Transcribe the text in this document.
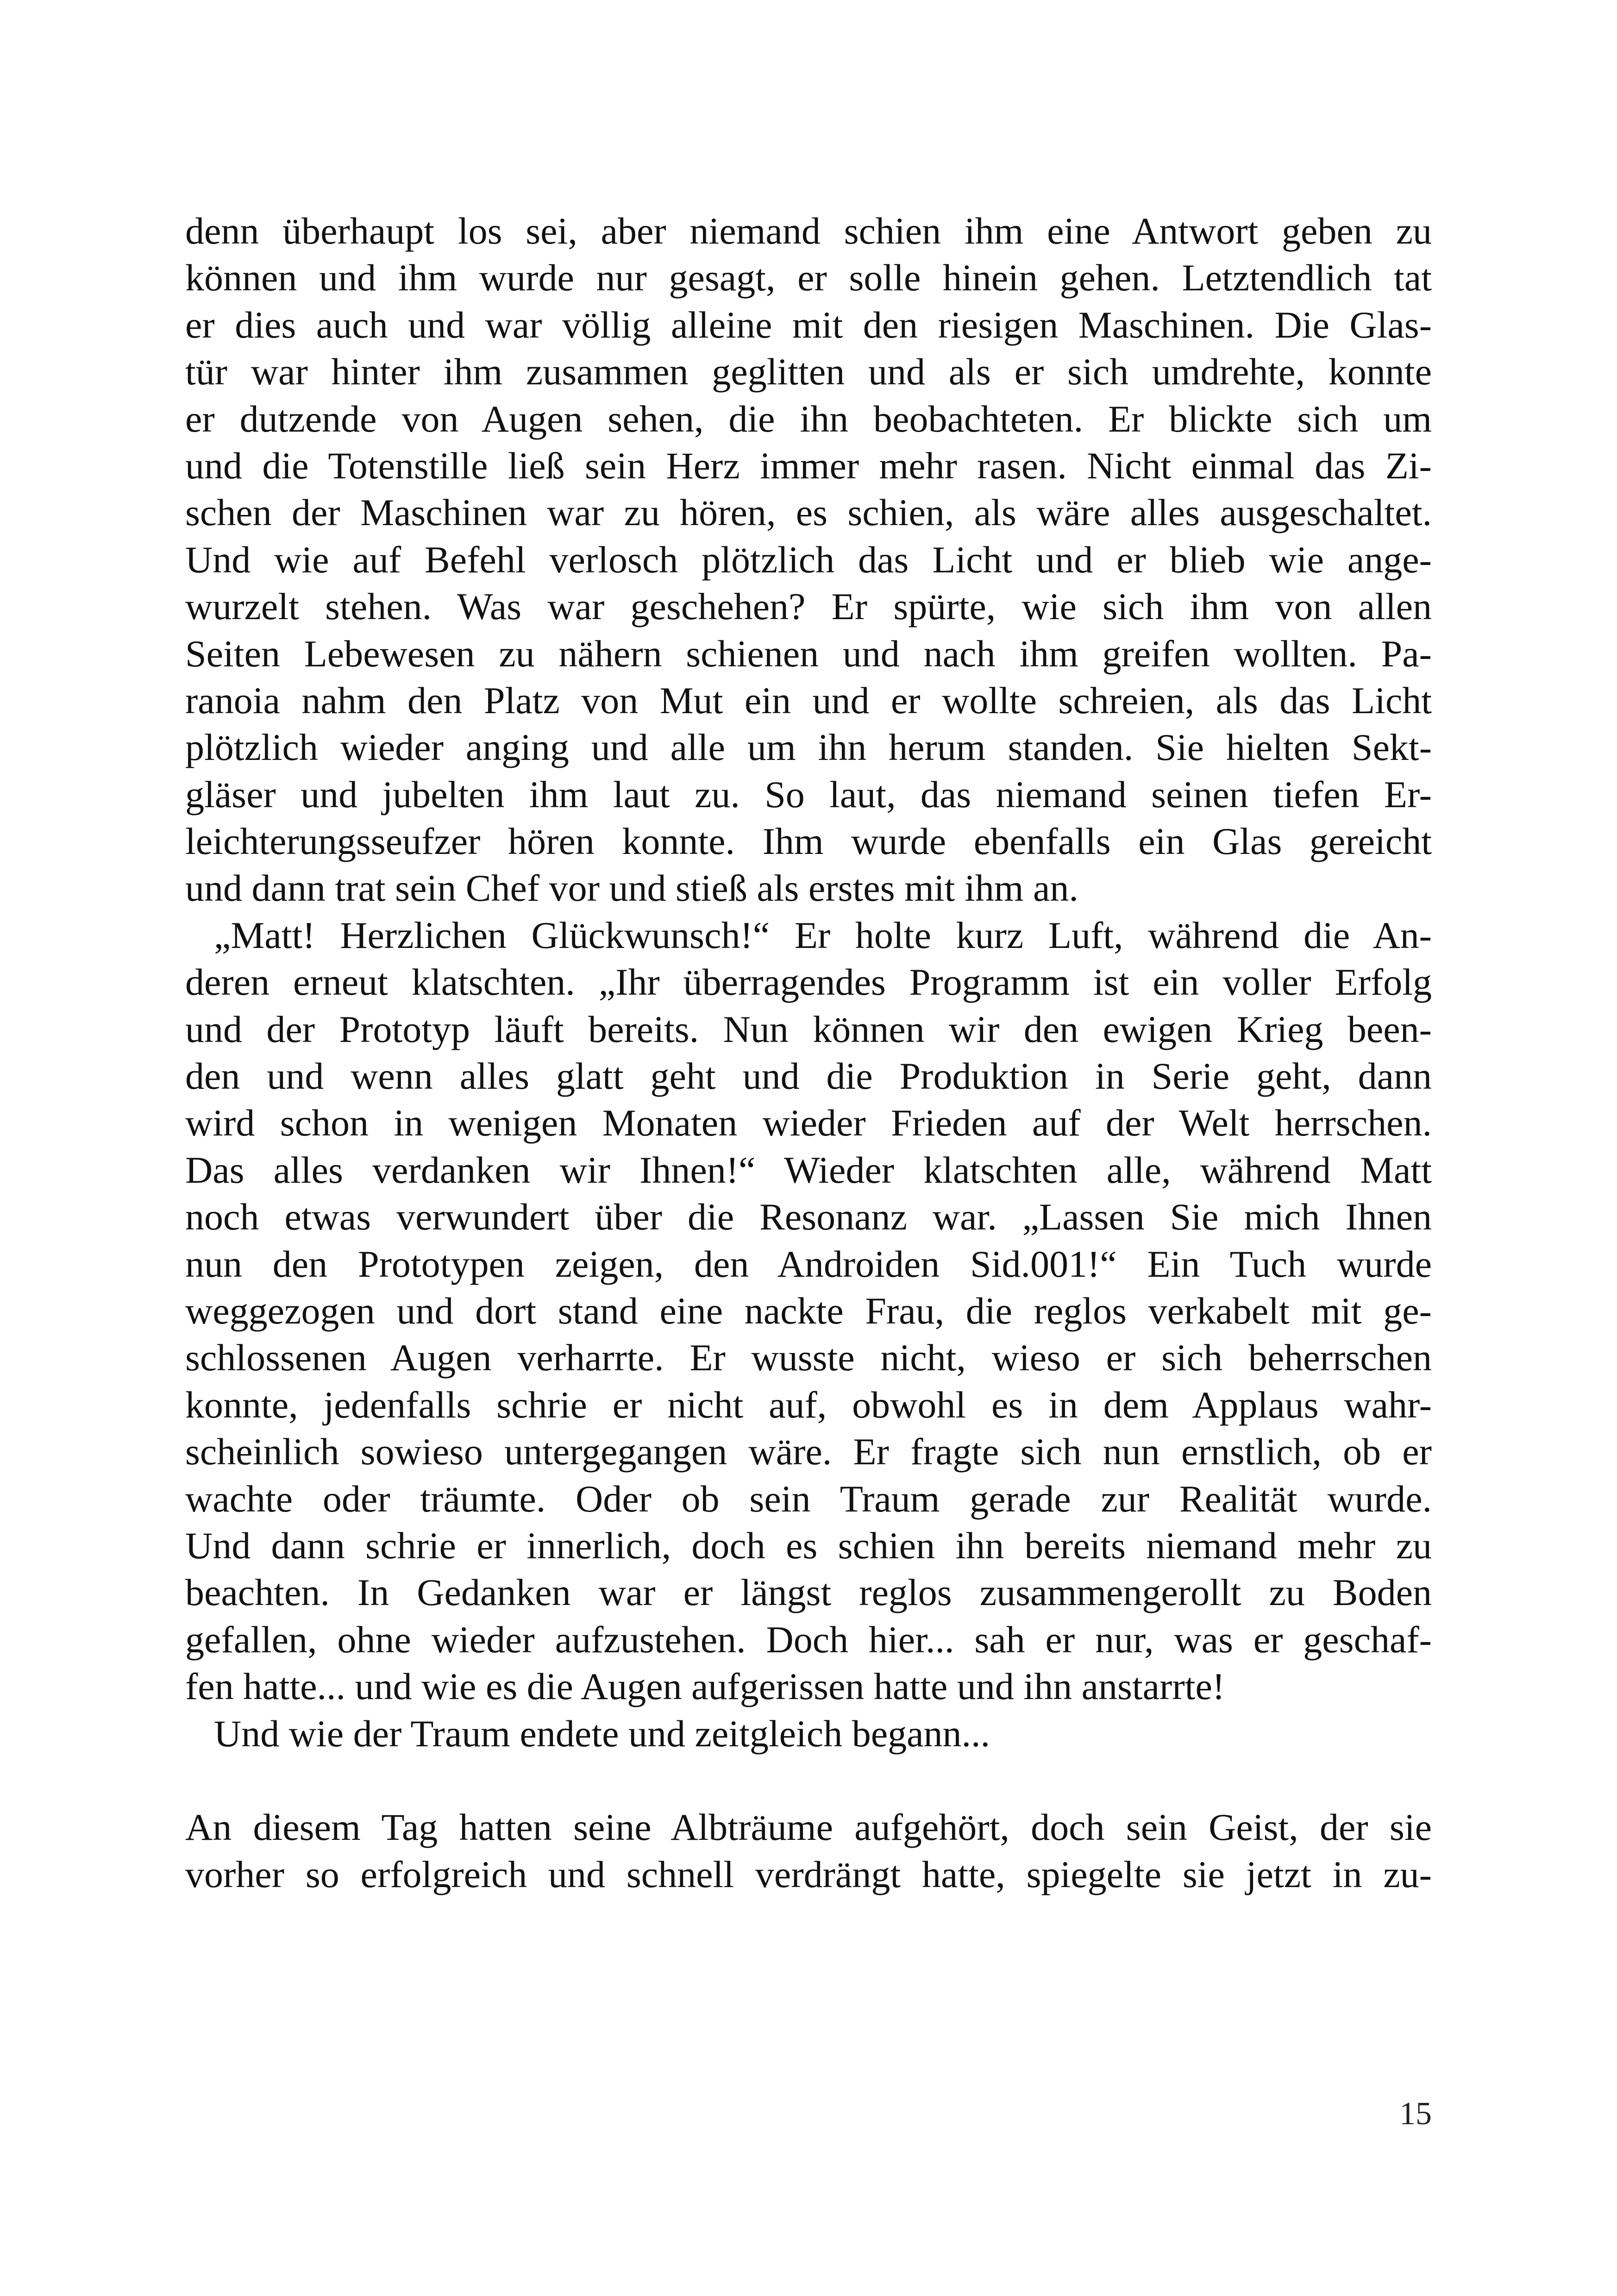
denn überhaupt los sei, aber niemand schien ihm eine Antwort geben zu
können und ihm wurde nur gesagt, er solle hinein gehen. Letztendlich tat
er dies auch und war völlig alleine mit den riesigen Maschinen. Die Glas-
tür war hinter ihm zusammen geglitten und als er sich umdrehte, konnte
er dutzende von Augen sehen, die ihn beobachteten. Er blickte sich um
und die Totenstille ließ sein Herz immer mehr rasen. Nicht einmal das Zi-
schen der Maschinen war zu hören, es schien, als wäre alles ausgeschaltet.
Und wie auf Befehl verlosch plötzlich das Licht und er blieb wie ange-
wurzelt stehen. Was war geschehen? Er spürte, wie sich ihm von allen
Seiten Lebewesen zu nähern schienen und nach ihm greifen wollten. Pa-
ranoia nahm den Platz von Mut ein und er wollte schreien, als das Licht
plötzlich wieder anging und alle um ihn herum standen. Sie hielten Sekt-
gläser und jubelten ihm laut zu. So laut, das niemand seinen tiefen Er-
leichterungsseufzer hören konnte. Ihm wurde ebenfalls ein Glas gereicht
und dann trat sein Chef vor und stieß als erstes mit ihm an.
„Matt! Herzlichen Glückwunsch!“ Er holte kurz Luft, während die An-
deren erneut klatschten. „Ihr überragendes Programm ist ein voller Erfolg
und der Prototyp läuft bereits. Nun können wir den ewigen Krieg been-
den und wenn alles glatt geht und die Produktion in Serie geht, dann
wird schon in wenigen Monaten wieder Frieden auf der Welt herrschen.
Das alles verdanken wir Ihnen!“ Wieder klatschten alle, während Matt
noch etwas verwundert über die Resonanz war. „Lassen Sie mich Ihnen
nun den Prototypen zeigen, den Androiden Sid.001!“ Ein Tuch wurde
weggezogen und dort stand eine nackte Frau, die reglos verkabelt mit ge-
schlossenen Augen verharrte. Er wusste nicht, wieso er sich beherrschen
konnte, jedenfalls schrie er nicht auf, obwohl es in dem Applaus wahr-
scheinlich sowieso untergegangen wäre. Er fragte sich nun ernstlich, ob er
wachte oder träumte. Oder ob sein Traum gerade zur Realität wurde.
Und dann schrie er innerlich, doch es schien ihn bereits niemand mehr zu
beachten. In Gedanken war er längst reglos zusammengerollt zu Boden
gefallen, ohne wieder aufzustehen. Doch hier... sah er nur, was er geschaf-
fen hatte... und wie es die Augen aufgerissen hatte und ihn anstarrte!
Und wie der Traum endete und zeitgleich begann...
An diesem Tag hatten seine Albträume aufgehört, doch sein Geist, der sie
vorher so erfolgreich und schnell verdrängt hatte, spiegelte sie jetzt in zu-
15
